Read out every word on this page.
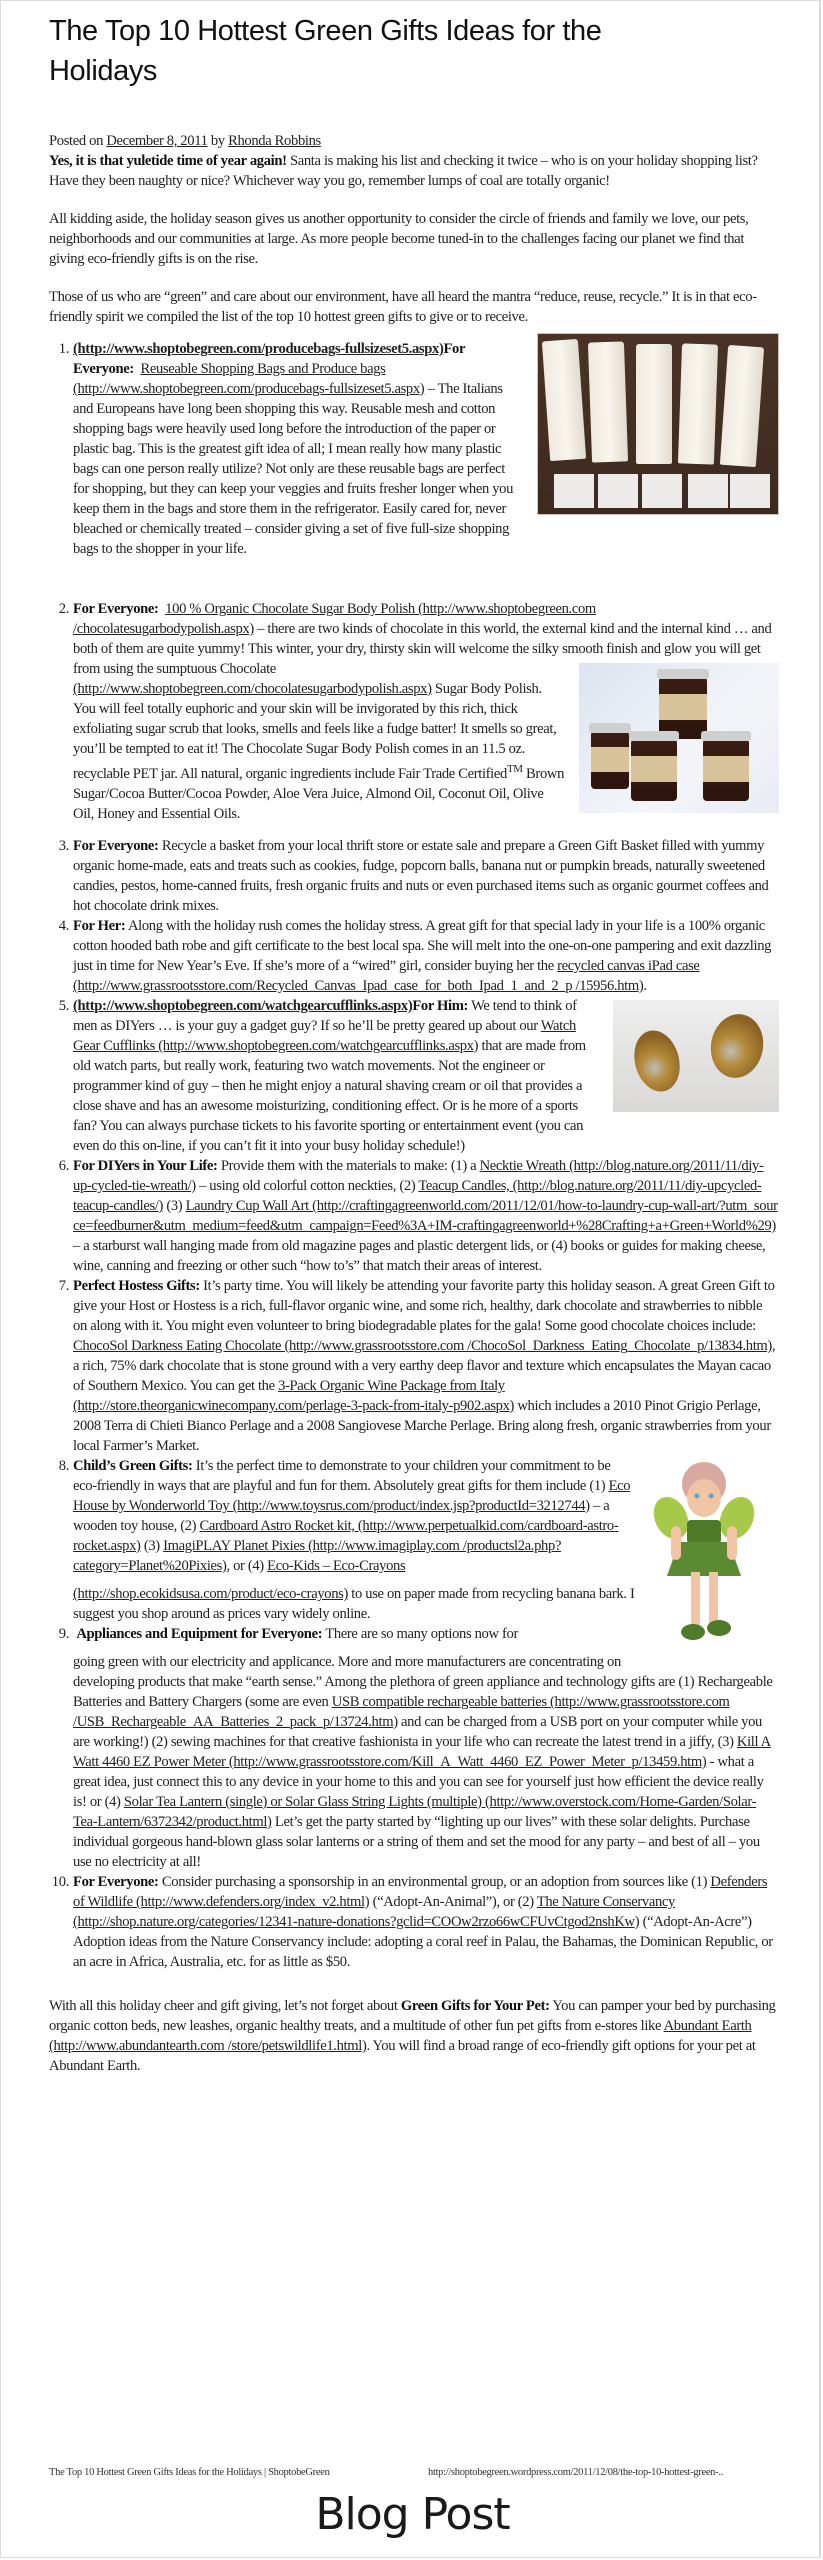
The Top 10 Hottest Green Gifts Ideas for the Holidays

Posted on December 8, 2011 by Rhonda Robbins

Yes, it is that yuletide time of year again! Santa is making his list and checking it twice – who is on your holiday shopping list? Have they been naughty or nice? Whichever way you go, remember lumps of coal are totally organic!

All kidding aside, the holiday season gives us another opportunity to consider the circle of friends and family we love, our pets, neighborhoods and our communities at large. As more people become tuned-in to the challenges facing our planet we find that giving eco-friendly gifts is on the rise.

Those of us who are “green” and care about our environment, have all heard the mantra “reduce, reuse, recycle.” It is in that eco-friendly spirit we compiled the list of the top 10 hottest green gifts to give or to receive.

1. (http://www.shoptobegreen.com/producebags-fullsizeset5.aspx)For Everyone: Reuseable Shopping Bags and Produce bags (http://www.shoptobegreen.com/producebags-fullsizeset5.aspx) – The Italians and Europeans have long been shopping this way. Reusable mesh and cotton shopping bags were heavily used long before the introduction of the paper or plastic bag. This is the greatest gift idea of all; I mean really how many plastic bags can one person really utilize? Not only are these reusable bags are perfect for shopping, but they can keep your veggies and fruits fresher longer when you keep them in the bags and store them in the refrigerator. Easily cared for, never bleached or chemically treated – consider giving a set of five full-size shopping bags to the shopper in your life.
2. For Everyone: 100 % Organic Chocolate Sugar Body Polish (http://www.shoptobegreen.com /chocolatesugarbodypolish.aspx) – there are two kinds of chocolate in this world, the external kind and the internal kind … and both of them are quite yummy! This winter, your dry, thirsty skin will welcome the silky smooth finish and glow you will get from using the sumptuous Chocolate
(http://www.shoptobegreen.com/chocolatesugarbodypolish.aspx) Sugar Body Polish. You will feel totally euphoric and your skin will be invigorated by this rich, thick exfoliating sugar scrub that looks, smells and feels like a fudge batter! It smells so great, you’ll be tempted to eat it! The Chocolate Sugar Body Polish comes in an 11.5 oz. recyclable PET jar. All natural, organic ingredients include Fair Trade Certified™ Brown Sugar/Cocoa Butter/Cocoa Powder, Aloe Vera Juice, Almond Oil, Coconut Oil, Olive Oil, Honey and Essential Oils.
3. For Everyone: Recycle a basket from your local thrift store or estate sale and prepare a Green Gift Basket filled with yummy organic home-made, eats and treats such as cookies, fudge, popcorn balls, banana nut or pumpkin breads, naturally sweetened candies, pestos, home-canned fruits, fresh organic fruits and nuts or even purchased items such as organic gourmet coffees and hot chocolate drink mixes.
4. For Her: Along with the holiday rush comes the holiday stress. A great gift for that special lady in your life is a 100% organic cotton hooded bath robe and gift certificate to the best local spa. She will melt into the one-on-one pampering and exit dazzling just in time for New Year’s Eve. If she’s more of a “wired” girl, consider buying her the recycled canvas iPad case (http://www.grassrootsstore.com/Recycled_Canvas_Ipad_case_for_both_Ipad_1_and_2_p /15956.htm).
5. (http://www.shoptobegreen.com/watchgearcufflinks.aspx)For Him: We tend to think of men as DIYers … is your guy a gadget guy? If so he’ll be pretty geared up about our Watch Gear Cufflinks (http://www.shoptobegreen.com/watchgearcufflinks.aspx) that are made from old watch parts, but really work, featuring two watch movements. Not the engineer or programmer kind of guy – then he might enjoy a natural shaving cream or oil that provides a close shave and has an awesome moisturizing, conditioning effect. Or is he more of a sports fan? You can always purchase tickets to his favorite sporting or entertainment event (you can even do this on-line, if you can’t fit it into your busy holiday schedule!)
6. For DIYers in Your Life: Provide them with the materials to make: (1) a Necktie Wreath (http://blog.nature.org/2011/11/diy-up-cycled-tie-wreath/) – using old colorful cotton neckties, (2) Teacup Candles, (http://blog.nature.org/2011/11/diy-upcycled-teacup-candles/) (3) Laundry Cup Wall Art (http://craftingagreenworld.com/2011/12/01/how-to-laundry-cup-wall-art/?utm_source=feedburner&utm_medium=feed&utm_campaign=Feed%3A+IM-craftingagreenworld+%28Crafting+a+Green+World%29) – a starburst wall hanging made from old magazine pages and plastic detergent lids, or (4) books or guides for making cheese, wine, canning and freezing or other such “how to’s” that match their areas of interest.
7. Perfect Hostess Gifts: It’s party time. You will likely be attending your favorite party this holiday season. A great Green Gift to give your Host or Hostess is a rich, full-flavor organic wine, and some rich, healthy, dark chocolate and strawberries to nibble on along with it. You might even volunteer to bring biodegradable plates for the gala! Some good chocolate choices include: ChocoSol Darkness Eating Chocolate (http://www.grassrootsstore.com /ChocoSol_Darkness_Eating_Chocolate_p/13834.htm), a rich, 75% dark chocolate that is stone ground with a very earthy deep flavor and texture which encapsulates the Mayan cacao of Southern Mexico. You can get the 3-Pack Organic Wine Package from Italy (http://store.theorganicwinecompany.com/perlage-3-pack-from-italy-p902.aspx) which includes a 2010 Pinot Grigio Perlage, 2008 Terra di Chieti Bianco Perlage and a 2008 Sangiovese Marche Perlage. Bring along fresh, organic strawberries from your local Farmer’s Market.
8. Child’s Green Gifts: It’s the perfect time to demonstrate to your children your commitment to be eco-friendly in ways that are playful and fun for them. Absolutely great gifts for them include (1) Eco House by Wonderworld Toy (http://www.toysrus.com/product/index.jsp?productId=3212744) – a wooden toy house, (2) Cardboard Astro Rocket kit, (http://www.perpetualkid.com/cardboard-astro-rocket.aspx) (3) ImagiPLAY Planet Pixies (http://www.imagiplay.com /productsl2a.php?category=Planet%20Pixies), or (4) Eco-Kids – Eco-Crayons
(http://shop.ecokidsusa.com/product/eco-crayons) to use on paper made from recycling banana bark. I suggest you shop around as prices vary widely online.
9. Appliances and Equipment for Everyone: There are so many options now for
going green with our electricity and applicance. More and more manufacturers are concentrating on developing products that make “earth sense.” Among the plethora of green appliance and technology gifts are (1) Rechargeable Batteries and Battery Chargers (some are even USB compatible rechargeable batteries (http://www.grassrootsstore.com /USB_Rechargeable_AA_Batteries_2_pack_p/13724.htm) and can be charged from a USB port on your computer while you are working!) (2) sewing machines for that creative fashionista in your life who can recreate the latest trend in a jiffy, (3) Kill A Watt 4460 EZ Power Meter (http://www.grassrootsstore.com/Kill_A_Watt_4460_EZ_Power_Meter_p/13459.htm) - what a great idea, just connect this to any device in your home to this and you can see for yourself just how efficient the device really is! or (4) Solar Tea Lantern (single) or Solar Glass String Lights (multiple) (http://www.overstock.com/Home-Garden/Solar-Tea-Lantern/6372342/product.html) Let’s get the party started by “lighting up our lives” with these solar delights. Purchase individual gorgeous hand-blown glass solar lanterns or a string of them and set the mood for any party – and best of all – you use no electricity at all!
10. For Everyone: Consider purchasing a sponsorship in an environmental group, or an adoption from sources like (1) Defenders of Wildlife (http://www.defenders.org/index_v2.html) (“Adopt-An-Animal”), or (2) The Nature Conservancy (http://shop.nature.org/categories/12341-nature-donations?gclid=COOw2rzo66wCFUvCtgod2nshKw) (“Adopt-An-Acre”) Adoption ideas from the Nature Conservancy include: adopting a coral reef in Palau, the Bahamas, the Dominican Republic, or an acre in Africa, Australia, etc. for as little as $50.

With all this holiday cheer and gift giving, let’s not forget about Green Gifts for Your Pet: You can pamper your bed by purchasing organic cotton beds, new leashes, organic healthy treats, and a multitude of other fun pet gifts from e-stores like Abundant Earth (http://www.abundantearth.com /store/petswildlife1.html). You will find a broad range of eco-friendly gift options for your pet at Abundant Earth.

The Top 10 Hottest Green Gifts Ideas for the Holidays | ShoptobeGreen	http://shoptobegreen.wordpress.com/2011/12/08/the-top-10-hottest-green-..
Blog Post
